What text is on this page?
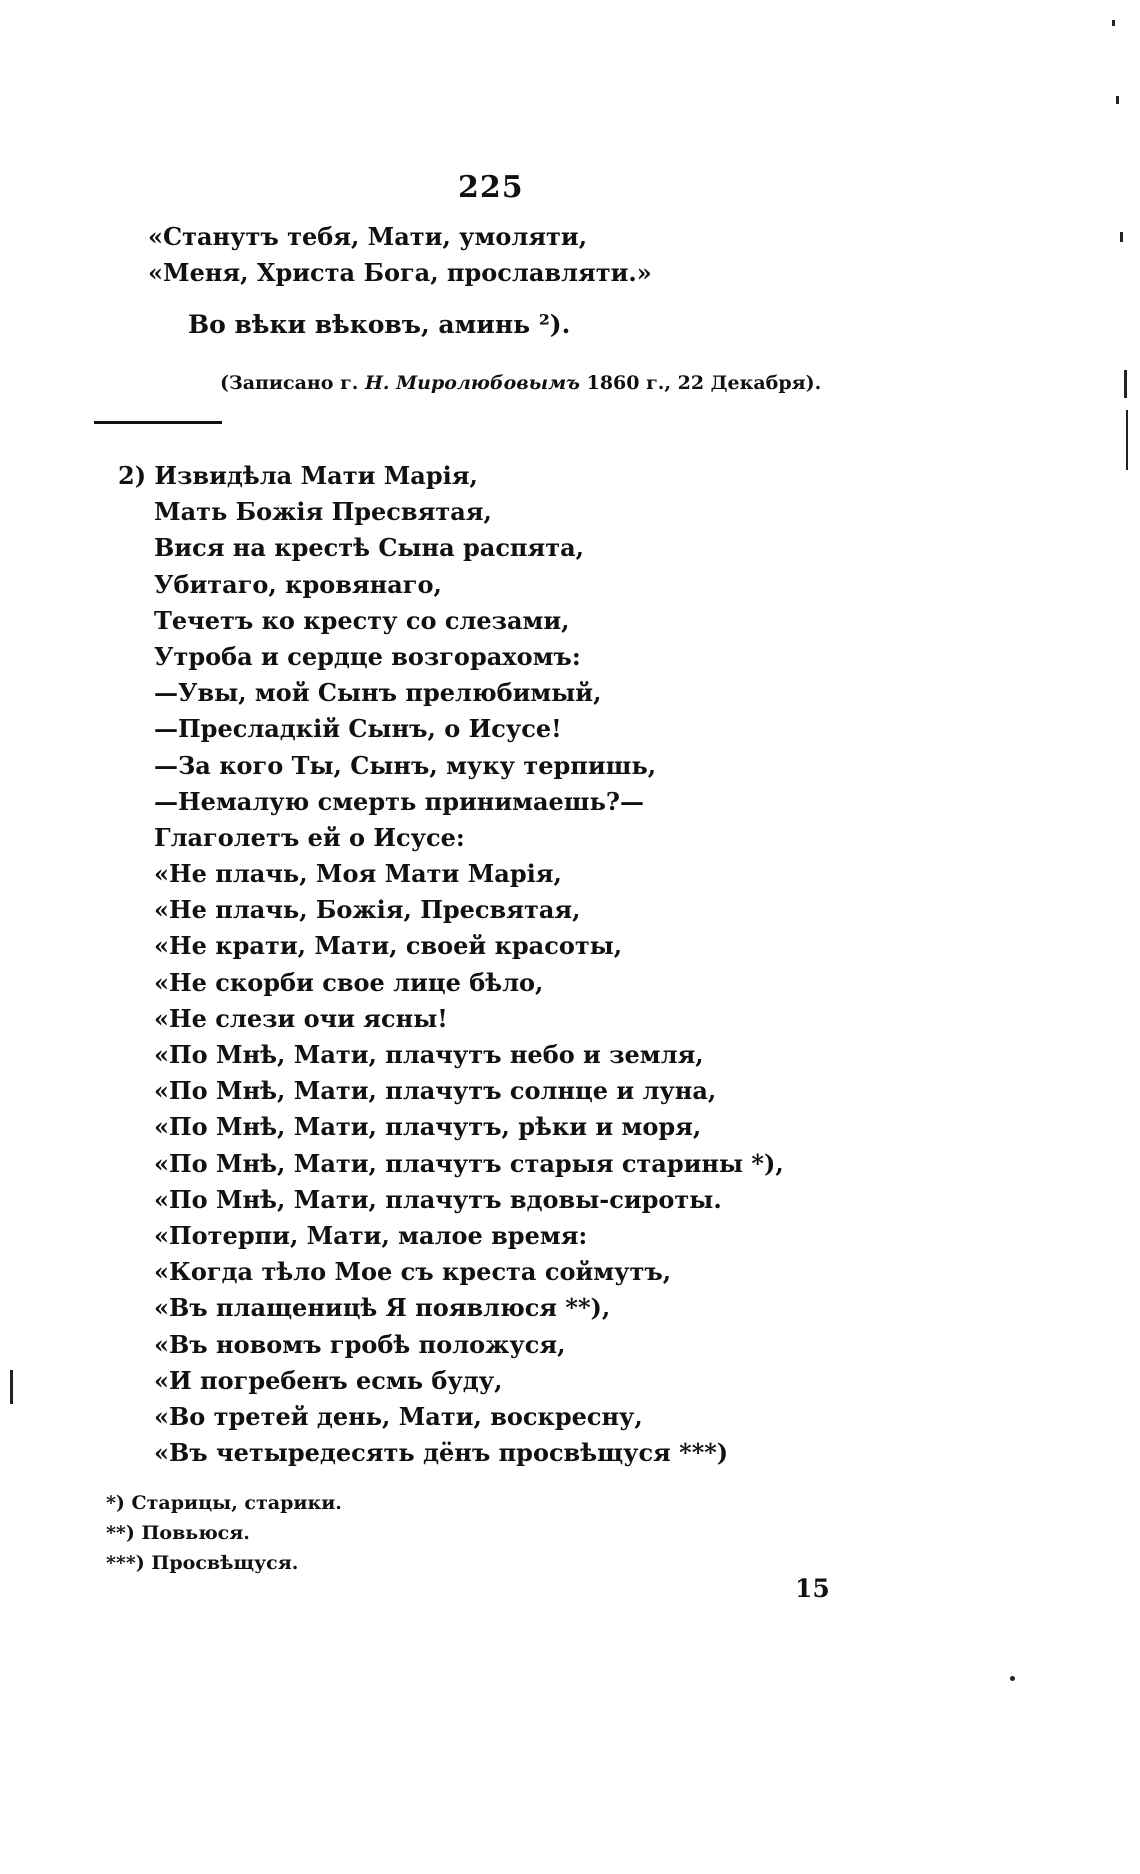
225
«Станутъ тебя, Мати, умоляти,
«Меня, Христа Бога, прославляти.»
Во вѣки вѣковъ, аминь ²).
(Записано г. Н. Миролюбовымъ 1860 г., 22 Декабря).
2) Извидѣла Мати Марія,
Мать Божія Пресвятая,
Вися на крестѣ Сына распята,
Убитаго, кровянаго,
Течетъ ко кресту со слезами,
Утроба и сердце возгорахомъ:
—Увы, мой Сынъ прелюбимый,
—Пресладкій Сынъ, о Исусе!
—За кого Ты, Сынъ, муку терпишь,
—Немалую смерть принимаешь?—
Глаголетъ ей о Исусе:
«Не плачь, Моя Мати Марія,
«Не плачь, Божія, Пресвятая,
«Не крати, Мати, своей красоты,
«Не скорби свое лице бѣло,
«Не слези очи ясны!
«По Мнѣ, Мати, плачутъ небо и земля,
«По Мнѣ, Мати, плачутъ солнце и луна,
«По Мнѣ, Мати, плачутъ, рѣки и моря,
«По Мнѣ, Мати, плачутъ старыя старины *),
«По Мнѣ, Мати, плачутъ вдовы-сироты.
«Потерпи, Мати, малое время:
«Когда тѣло Мое съ креста соймутъ,
«Въ плащеницѣ Я появлюся **),
«Въ новомъ гробѣ положуся,
«И погребенъ есмь буду,
«Во третей день, Мати, воскресну,
«Въ четыредесять дёнъ просвѣщуся ***)
*) Старицы, старики.
**) Повьюся.
***) Просвѣщуся.
15
